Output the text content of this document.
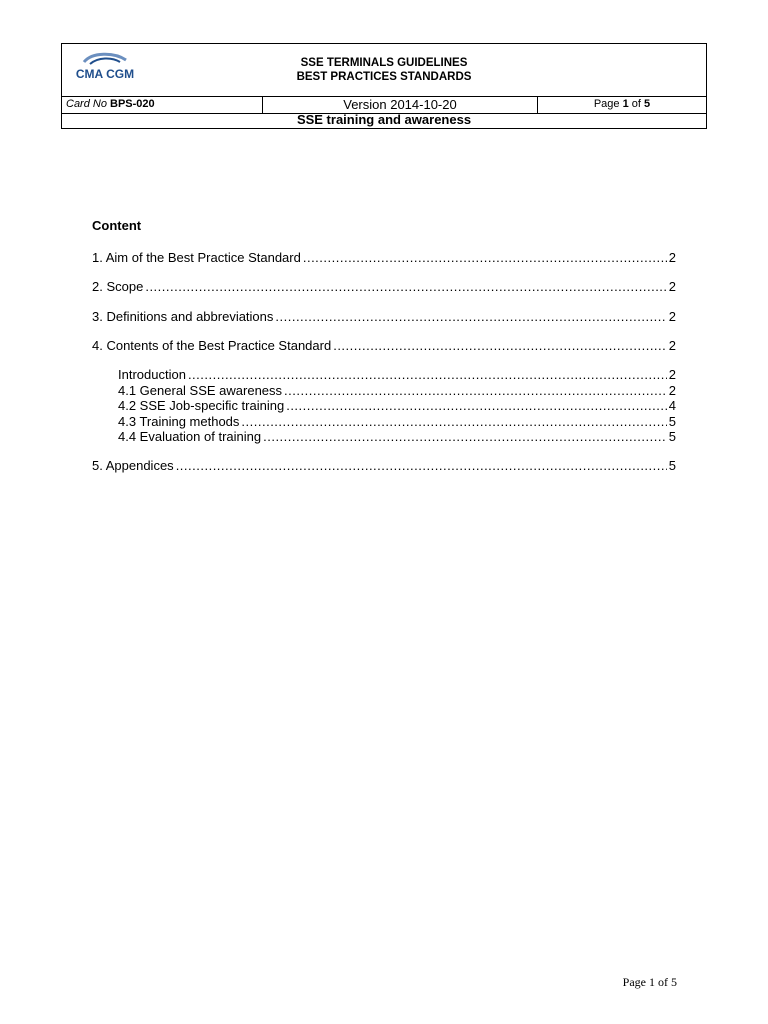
CMA CGM
SSE TERMINALS GUIDELINES
BEST PRACTICES STANDARDS
Card No BPS-020	Version 2014-10-20	Page 1 of 5
SSE training and awareness
Content
1. Aim of the Best Practice Standard .....	2
2. Scope .....	2
3. Definitions and abbreviations .....	2
4. Contents of the Best Practice Standard .....	2
Introduction .....	2
4.1 General SSE awareness .....	2
4.2 SSE Job-specific training .....	4
4.3 Training methods .....	5
4.4 Evaluation of training .....	5
5. Appendices .....	5
Page 1 of 5
